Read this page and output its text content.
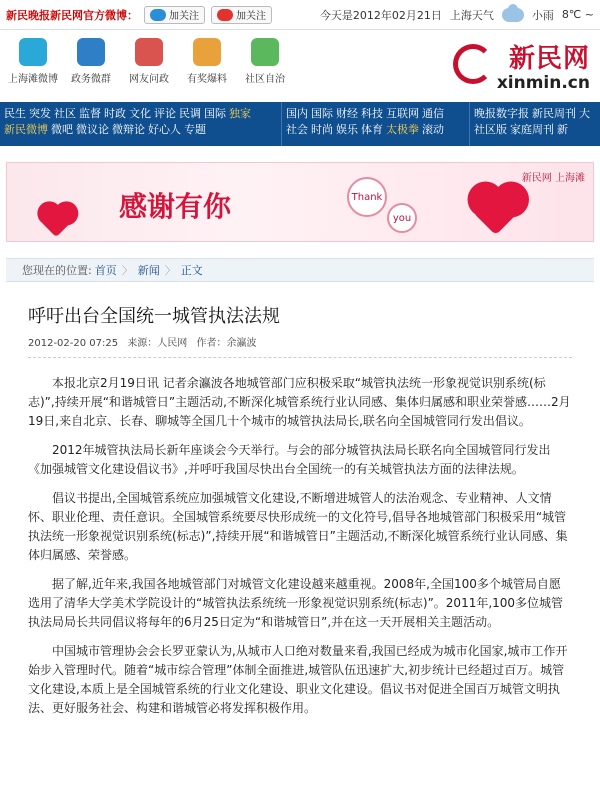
新民晚报新民网官方微博：	加关注	加关注	今天是2012年02月21日 上海天气	小雨 8℃ ~
上海滩微博	政务微群	网友问政	有奖爆料	社区自治
新民网
xinmin.cn
民生 突发 社区 监督 时政 文化 评论 民调 国际 独家
新民微博 微吧 微议论 微辩论 好心人 专题
国内 国际 财经 科技 互联网 通信
社会 时尚 娱乐 体育 太极拳 滚动
晚报数字报 新民周刊 大
社区版 家庭周刊 新
感谢有你	Thank
you
新民网 上海滩
您现在的位置: 首页 〉 新闻 〉 正文
呼吁出台全国统一城管执法法规
2012-02-20 07:25 来源：人民网 作者：余瀛波

本报北京2月19日讯 记者余瀛波各地城管部门应积极采取“城管执法统一形象视觉识别系统(标志)”,持续开展“和谐城管日”主题活动,不断深化城管系统行业认同感、集体归属感和职业荣誉感……2月19日,来自北京、长春、聊城等全国几十个城市的城管执法局长,联名向全国城管同行发出倡议。

2012年城管执法局长新年座谈会今天举行。与会的部分城管执法局长联名向全国城管同行发出《加强城管文化建设倡议书》,并呼吁我国尽快出台全国统一的有关城管执法方面的法律法规。

倡议书提出,全国城管系统应加强城管文化建设,不断增进城管人的法治观念、专业精神、人文情怀、职业伦理、责任意识。全国城管系统要尽快形成统一的文化符号,倡导各地城管部门积极采用“城管执法统一形象视觉识别系统(标志)”,持续开展“和谐城管日”主题活动,不断深化城管系统行业认同感、集体归属感、荣誉感。

据了解,近年来,我国各地城管部门对城管文化建设越来越重视。2008年,全国100多个城管局自愿选用了清华大学美术学院设计的“城管执法系统统一形象视觉识别系统(标志)”。2011年,100多位城管执法局局长共同倡议将每年的6月25日定为“和谐城管日”,并在这一天开展相关主题活动。

中国城市管理协会会长罗亚蒙认为,从城市人口绝对数量来看,我国已经成为城市化国家,城市工作开始步入管理时代。随着“城市综合管理”体制全面推进,城管队伍迅速扩大,初步统计已经超过百万。城管文化建设,本质上是全国城管系统的行业文化建设、职业文化建设。倡议书对促进全国百万城管文明执法、更好服务社会、构建和谐城管必将发挥积极作用。
